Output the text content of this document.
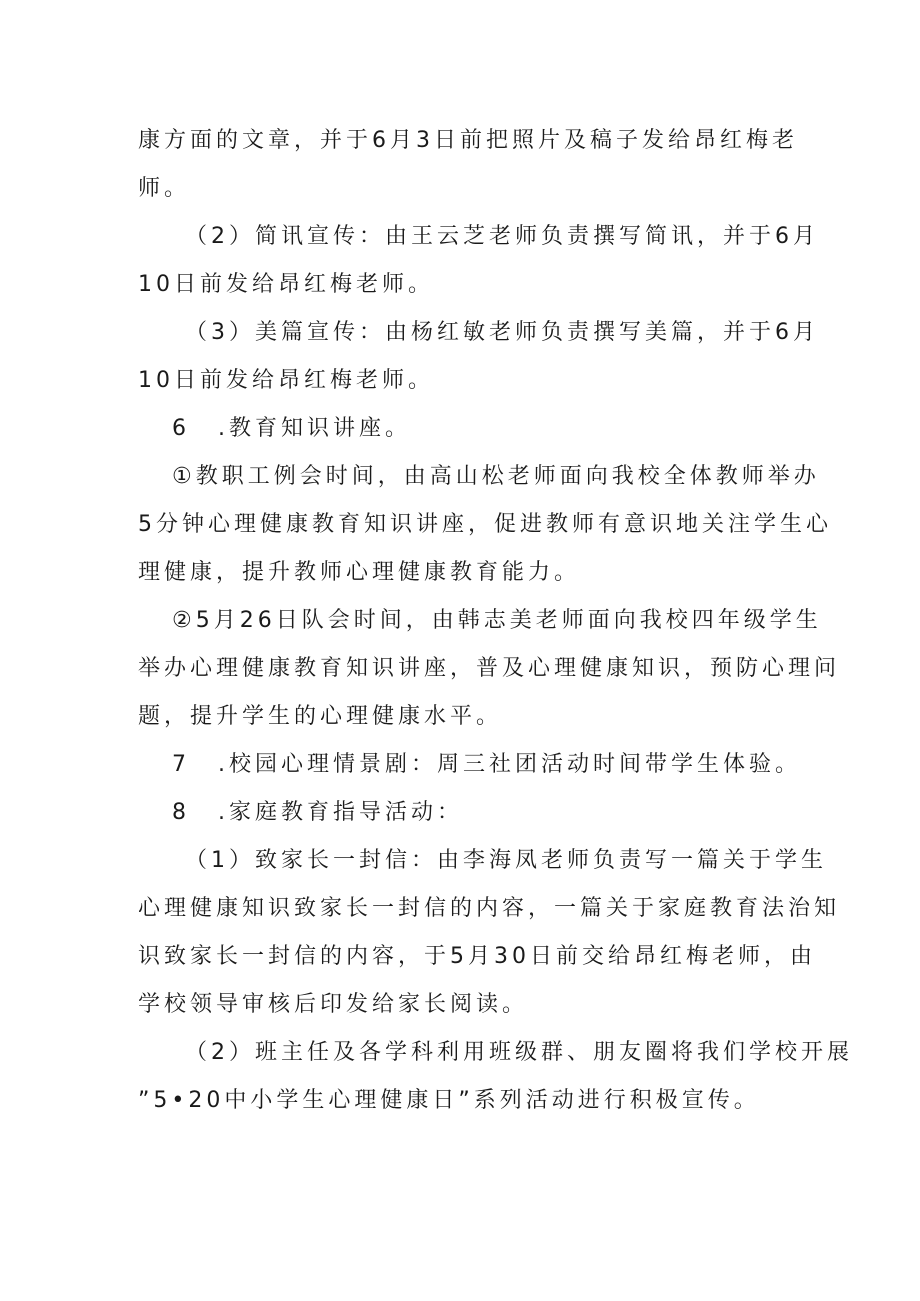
康方面的文章，并于6月3日前把照片及稿子发给昂红梅老
师。
（2）简讯宣传：由王云芝老师负责撰写简讯，并于6月
10日前发给昂红梅老师。
（3）美篇宣传：由杨红敏老师负责撰写美篇，并于6月
10日前发给昂红梅老师。
6 .教育知识讲座。
①教职工例会时间，由高山松老师面向我校全体教师举办
5分钟心理健康教育知识讲座，促进教师有意识地关注学生心
理健康，提升教师心理健康教育能力。
②5月26日队会时间，由韩志美老师面向我校四年级学生
举办心理健康教育知识讲座，普及心理健康知识，预防心理问
题，提升学生的心理健康水平。
7 .校园心理情景剧：周三社团活动时间带学生体验。
8 .家庭教育指导活动：
（1）致家长一封信：由李海凤老师负责写一篇关于学生
心理健康知识致家长一封信的内容，一篇关于家庭教育法治知
识致家长一封信的内容，于5月30日前交给昂红梅老师，由
学校领导审核后印发给家长阅读。
（2）班主任及各学科利用班级群、朋友圈将我们学校开展
”5•20中小学生心理健康日”系列活动进行积极宣传。
